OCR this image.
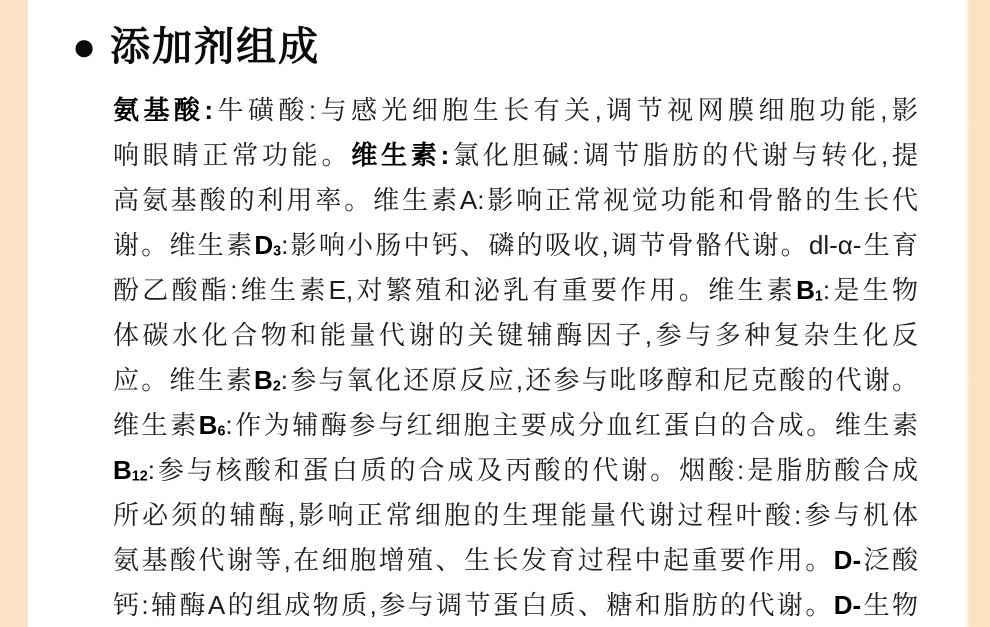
● 添加剂组成
氨基酸:牛磺酸:与感光细胞生长有关,调节视网膜细胞功能,影
响眼睛正常功能。维生素:氯化胆碱:调节脂肪的代谢与转化,提
高氨基酸的利用率。维生素A:影响正常视觉功能和骨骼的生长代
谢。维生素D3:影响小肠中钙、磷的吸收,调节骨骼代谢。dl-α-生育
酚乙酸酯:维生素E,对繁殖和泌乳有重要作用。维生素B1:是生物
体碳水化合物和能量代谢的关键辅酶因子,参与多种复杂生化反
应。维生素B2:参与氧化还原反应,还参与吡哆醇和尼克酸的代谢。
维生素B6:作为辅酶参与红细胞主要成分血红蛋白的合成。维生素
B12:参与核酸和蛋白质的合成及丙酸的代谢。烟酸:是脂肪酸合成
所必须的辅酶,影响正常细胞的生理能量代谢过程叶酸:参与机体
氨基酸代谢等,在细胞增殖、生长发育过程中起重要作用。D-泛酸
钙:辅酶A的组成物质,参与调节蛋白质、糖和脂肪的代谢。D-生物
